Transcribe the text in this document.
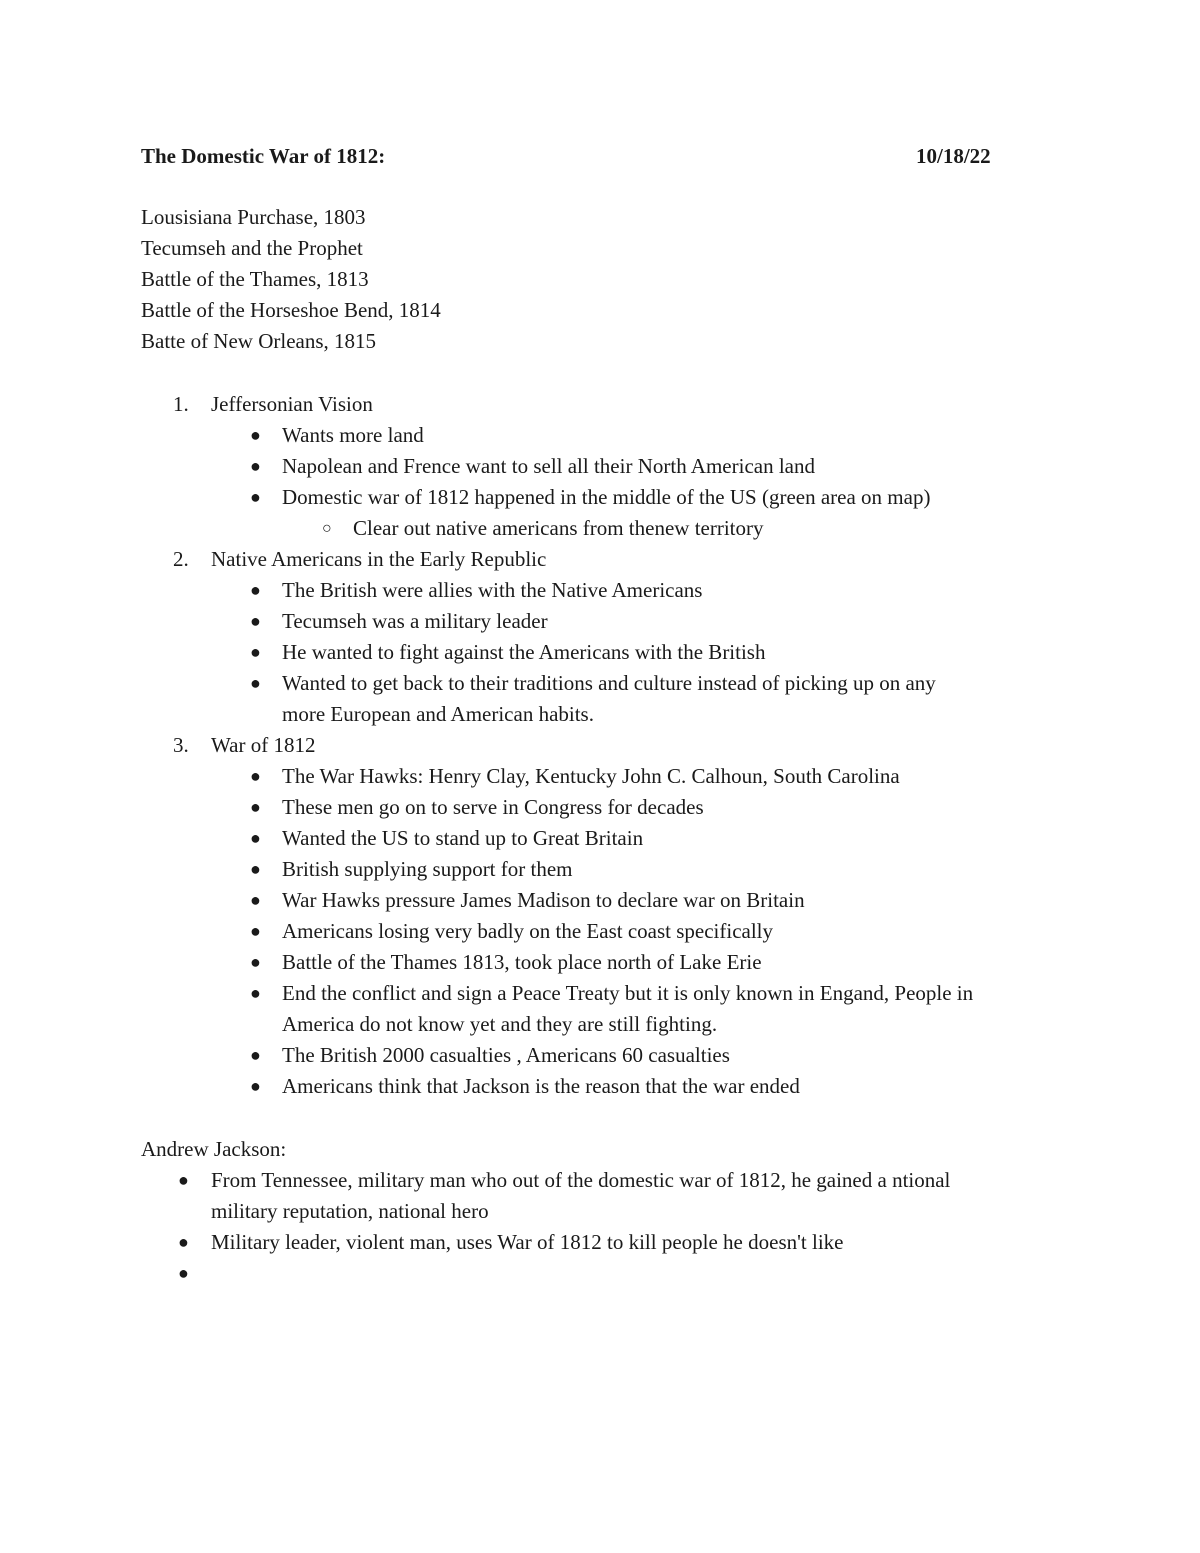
The Domestic War of 1812:	10/18/22
Lousisiana Purchase, 1803
Tecumseh and the Prophet
Battle of the Thames, 1813
Battle of the Horseshoe Bend, 1814
Batte of New Orleans, 1815
1. Jeffersonian Vision
● Wants more land
● Napolean and Frence want to sell all their North American land
● Domestic war of 1812 happened in the middle of the US (green area on map)
○ Clear out native americans from thenew territory
2. Native Americans in the Early Republic
● The British were allies with the Native Americans
● Tecumseh was a military leader
● He wanted to fight against the Americans with the British
● Wanted to get back to their traditions and culture instead of picking up on any
more European and American habits.
3. War of 1812
● The War Hawks: Henry Clay, Kentucky John C. Calhoun, South Carolina
● These men go on to serve in Congress for decades
● Wanted the US to stand up to Great Britain
● British supplying support for them
● War Hawks pressure James Madison to declare war on Britain
● Americans losing very badly on the East coast specifically
● Battle of the Thames 1813, took place north of Lake Erie
● End the conflict and sign a Peace Treaty but it is only known in Engand, People in
America do not know yet and they are still fighting.
● The British 2000 casualties , Americans 60 casualties
● Americans think that Jackson is the reason that the war ended
Andrew Jackson:
● From Tennessee, military man who out of the domestic war of 1812, he gained a ntional
military reputation, national hero
● Military leader, violent man, uses War of 1812 to kill people he doesn't like
●
